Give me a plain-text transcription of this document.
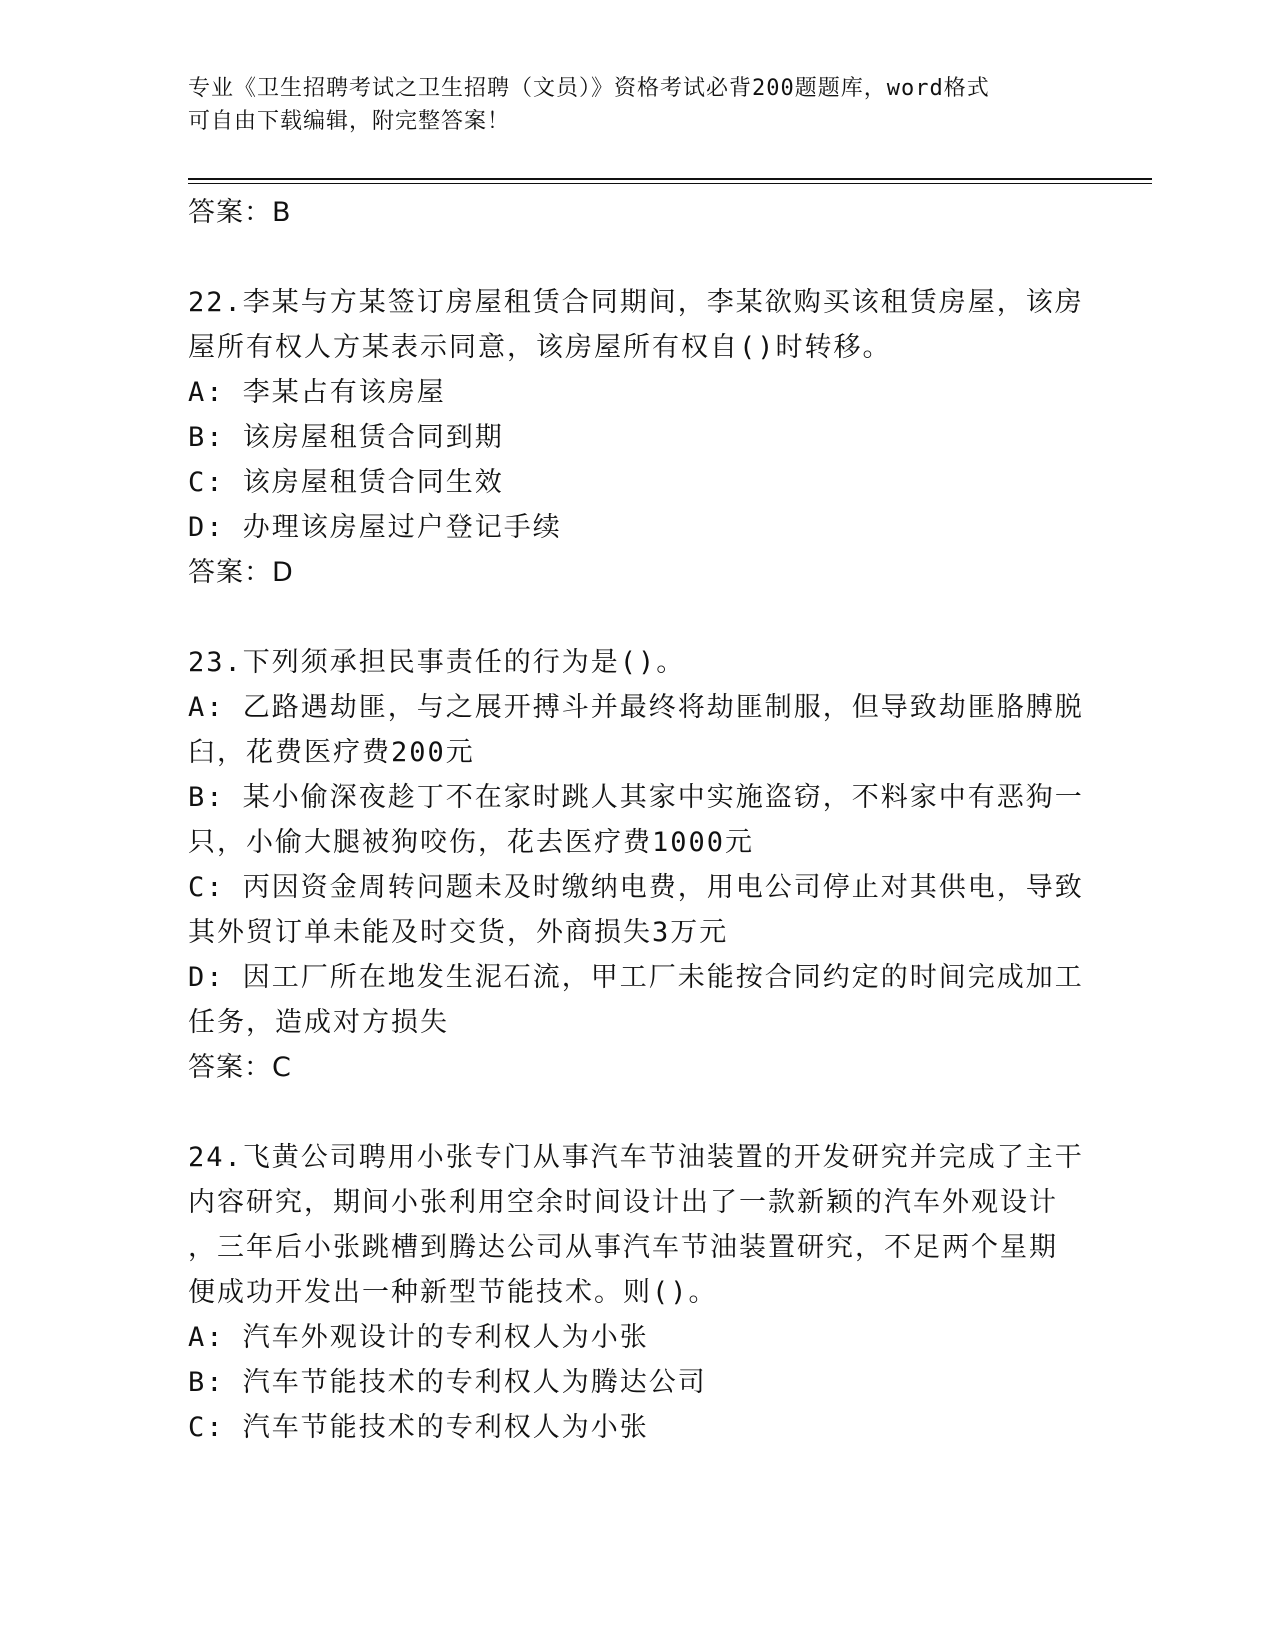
专业《卫生招聘考试之卫生招聘（文员）》资格考试必背200题题库，word格式
可自由下载编辑，附完整答案！

答案：B

22.李某与方某签订房屋租赁合同期间，李某欲购买该租赁房屋，该房

屋所有权人方某表示同意，该房屋所有权自()时转移。

A: 李某占有该房屋

B: 该房屋租赁合同到期

C: 该房屋租赁合同生效

D: 办理该房屋过户登记手续

答案：D

23.下列须承担民事责任的行为是()。

A: 乙路遇劫匪，与之展开搏斗并最终将劫匪制服，但导致劫匪胳膊脱

臼，花费医疗费200元

B: 某小偷深夜趁丁不在家时跳人其家中实施盗窃，不料家中有恶狗一

只，小偷大腿被狗咬伤，花去医疗费1000元

C: 丙因资金周转问题未及时缴纳电费，用电公司停止对其供电，导致

其外贸订单未能及时交货，外商损失3万元

D: 因工厂所在地发生泥石流，甲工厂未能按合同约定的时间完成加工

任务，造成对方损失

答案：C

24.飞黄公司聘用小张专门从事汽车节油装置的开发研究并完成了主干

内容研究，期间小张利用空余时间设计出了一款新颖的汽车外观设计

，三年后小张跳槽到腾达公司从事汽车节油装置研究，不足两个星期

便成功开发出一种新型节能技术。则()。

A: 汽车外观设计的专利权人为小张

B: 汽车节能技术的专利权人为腾达公司

C: 汽车节能技术的专利权人为小张
